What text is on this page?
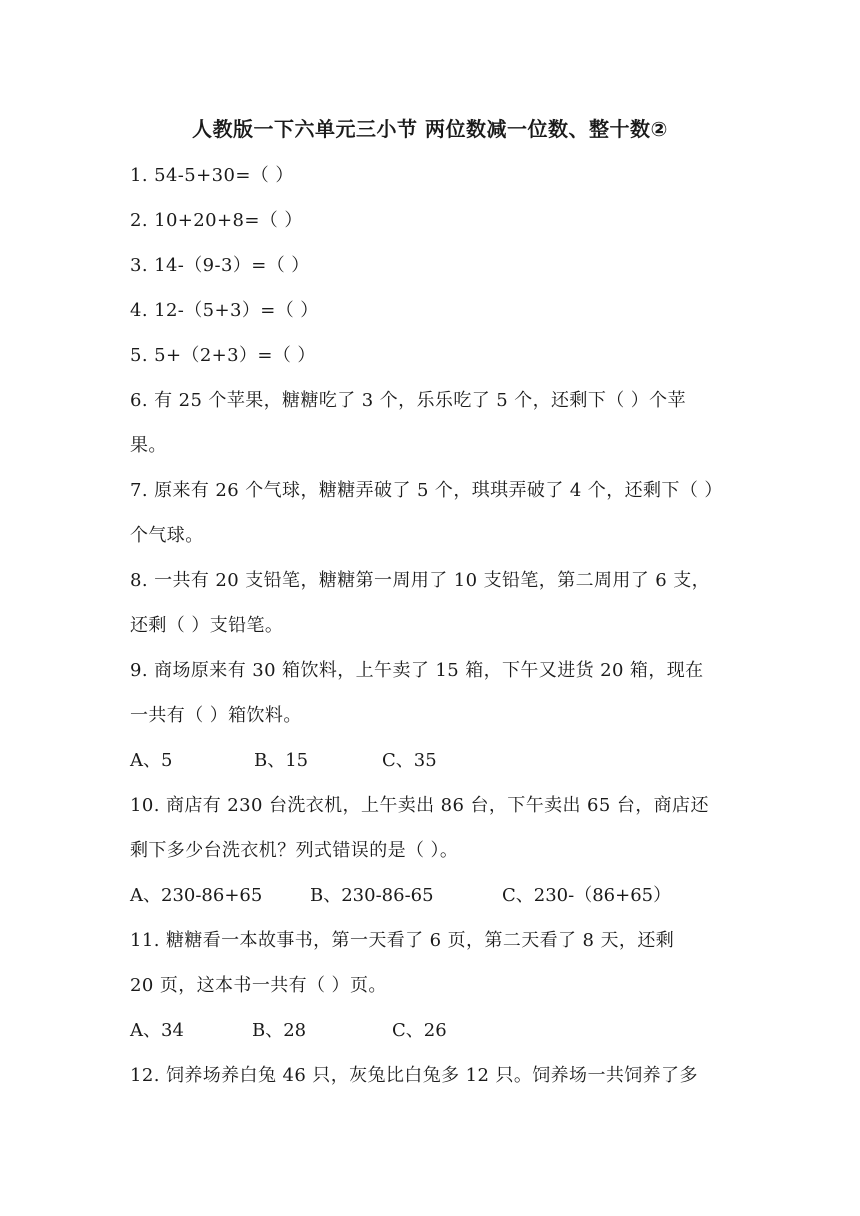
人教版一下六单元三小节 两位数减一位数、整十数②
1. 54-5+30=（ ）
2. 10+20+8=（ ）
3. 14-（9-3）=（ ）
4. 12-（5+3）=（ ）
5. 5+（2+3）=（ ）
6. 有 25 个苹果，糖糖吃了 3 个，乐乐吃了 5 个，还剩下（ ）个苹
果。
7. 原来有 26 个气球，糖糖弄破了 5 个，琪琪弄破了 4 个，还剩下（ ）
个气球。
8. 一共有 20 支铅笔，糖糖第一周用了 10 支铅笔，第二周用了 6 支，
还剩（ ）支铅笔。
9. 商场原来有 30 箱饮料，上午卖了 15 箱，下午又进货 20 箱，现在
一共有（ ）箱饮料。
A、5	B、15	C、35
10. 商店有 230 台洗衣机，上午卖出 86 台，下午卖出 65 台，商店还
剩下多少台洗衣机？列式错误的是（ ）。
A、230-86+65	B、230-86-65	C、230-（86+65）
11. 糖糖看一本故事书，第一天看了 6 页，第二天看了 8 天，还剩
20 页，这本书一共有（ ）页。
A、34	B、28	C、26
12. 饲养场养白兔 46 只，灰兔比白兔多 12 只。饲养场一共饲养了多
